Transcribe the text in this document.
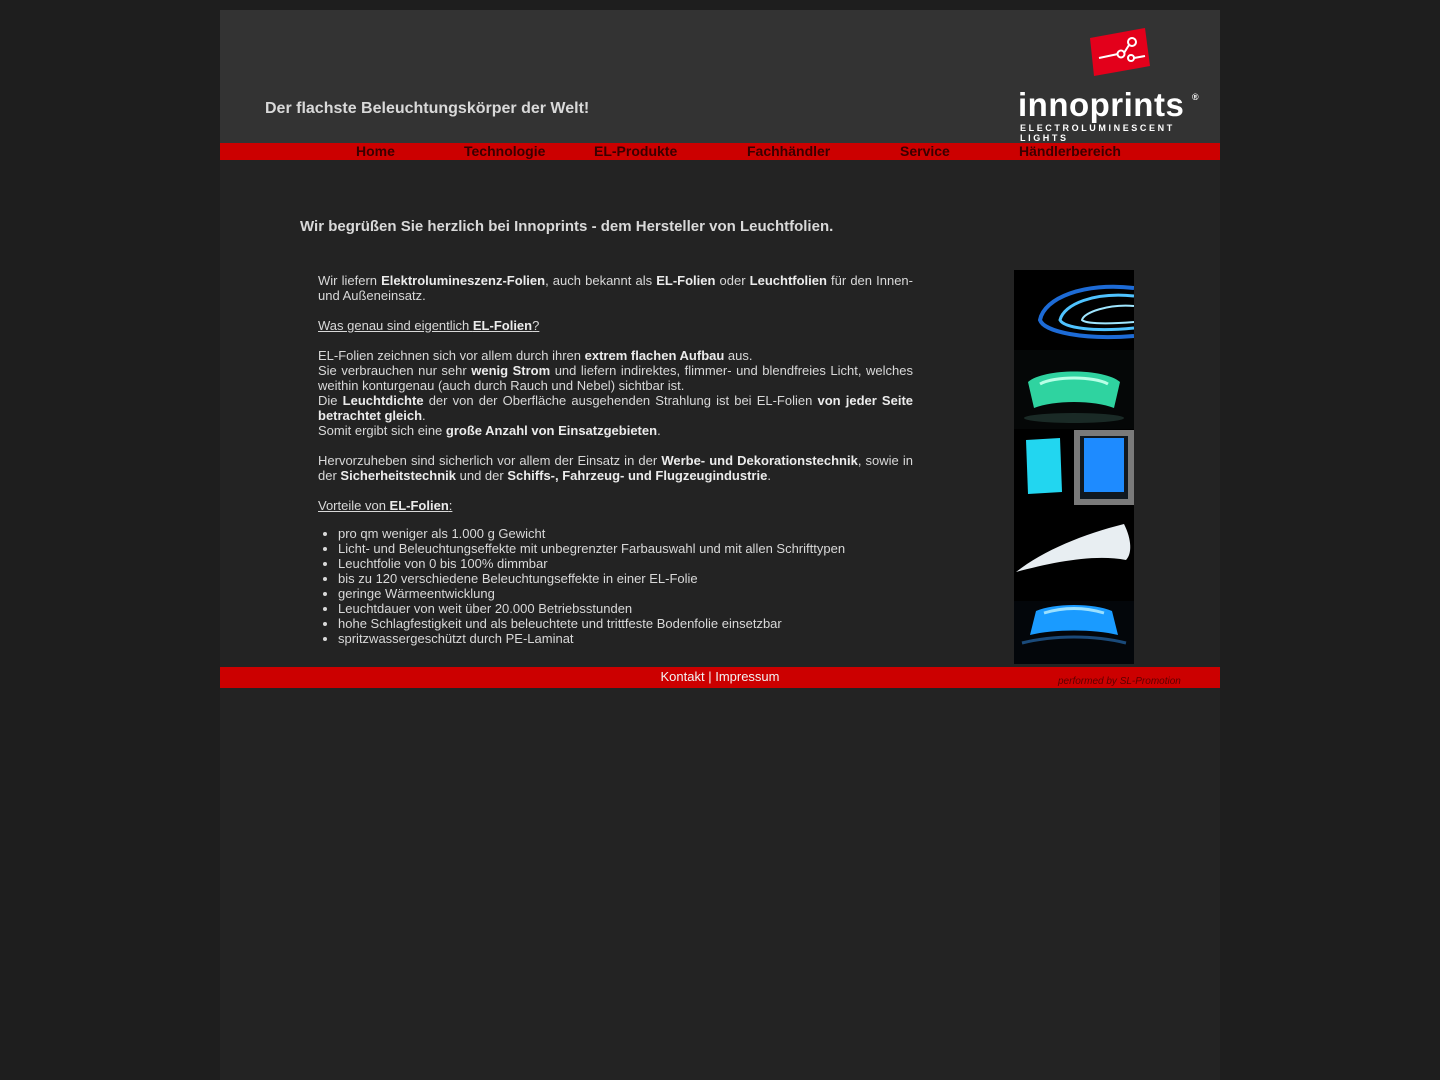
Der flachste Beleuchtungskörper der Welt!	innoprints ®
ELECTROLUMINESCENT LIGHTS
Home	Technologie	EL-Produkte	Fachhändler	Service	Händlerbereich
Wir begrüßen Sie herzlich bei Innoprints - dem Hersteller von Leuchtfolien.

Wir liefern Elektrolumineszenz-Folien, auch bekannt als EL-Folien oder Leuchtfolien für den Innen- und Außeneinsatz.

Was genau sind eigentlich EL-Folien?

EL-Folien zeichnen sich vor allem durch ihren extrem flachen Aufbau aus.
Sie verbrauchen nur sehr wenig Strom und liefern indirektes, flimmer- und blendfreies Licht, welches weithin konturgenau (auch durch Rauch und Nebel) sichtbar ist.
Die Leuchtdichte der von der Oberfläche ausgehenden Strahlung ist bei EL-Folien von jeder Seite betrachtet gleich.
Somit ergibt sich eine große Anzahl von Einsatzgebieten.

Hervorzuheben sind sicherlich vor allem der Einsatz in der Werbe- und Dekorationstechnik, sowie in der Sicherheitstechnik und der Schiffs-, Fahrzeug- und Flugzeugindustrie.

Vorteile von EL-Folien:

• pro qm weniger als 1.000 g Gewicht
• Licht- und Beleuchtungseffekte mit unbegrenzter Farbauswahl und mit allen Schrifttypen
• Leuchtfolie von 0 bis 100% dimmbar
• bis zu 120 verschiedene Beleuchtungseffekte in einer EL-Folie
• geringe Wärmeentwicklung
• Leuchtdauer von weit über 20.000 Betriebsstunden
• hohe Schlagfestigkeit und als beleuchtete und trittfeste Bodenfolie einsetzbar
• spritzwassergeschützt durch PE-Laminat
Kontakt | Impressum	performed by SL-Promotion
